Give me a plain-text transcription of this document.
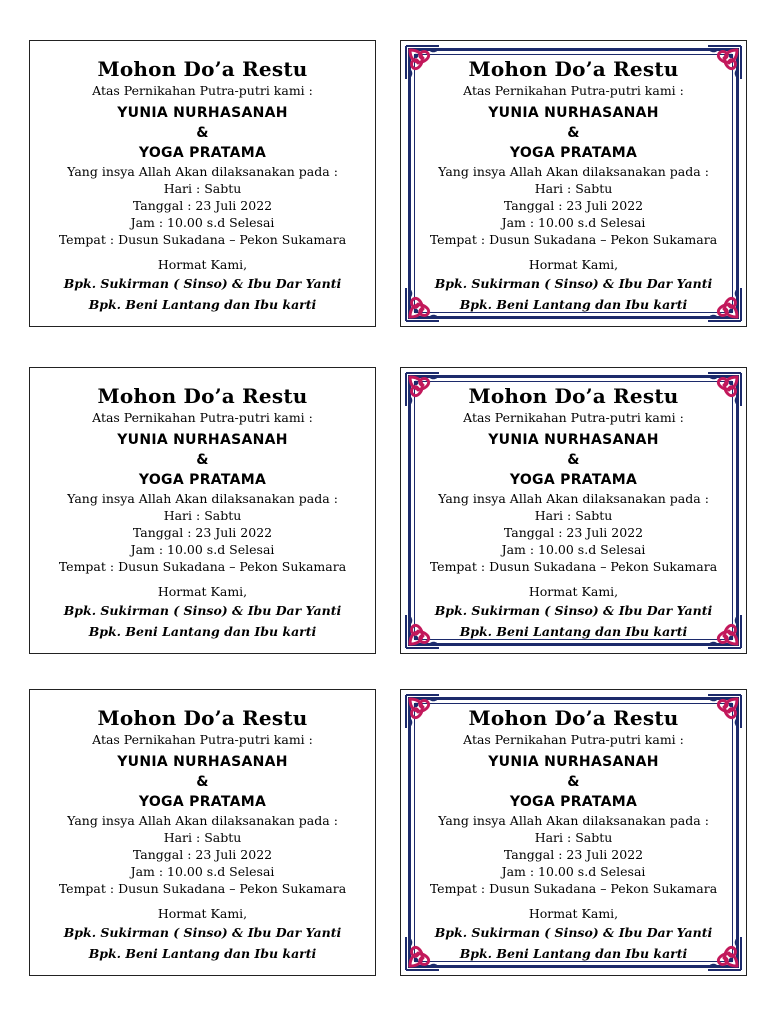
Mohon Do’a Restu
Atas Pernikahan Putra-putri kami :
YUNIA NURHASANAH
&
YOGA PRATAMA
Yang insya Allah Akan dilaksanakan pada :
Hari : Sabtu
Tanggal : 23 Juli 2022
Jam : 10.00 s.d Selesai
Tempat : Dusun Sukadana – Pekon Sukamara
Hormat Kami,
Bpk. Sukirman ( Sinso) & Ibu Dar Yanti
Bpk. Beni Lantang dan Ibu karti
Mohon Do’a Restu
Atas Pernikahan Putra-putri kami :
YUNIA NURHASANAH
&
YOGA PRATAMA
Yang insya Allah Akan dilaksanakan pada :
Hari : Sabtu
Tanggal : 23 Juli 2022
Jam : 10.00 s.d Selesai
Tempat : Dusun Sukadana – Pekon Sukamara
Hormat Kami,
Bpk. Sukirman ( Sinso) & Ibu Dar Yanti
Bpk. Beni Lantang dan Ibu karti
Mohon Do’a Restu
Atas Pernikahan Putra-putri kami :
YUNIA NURHASANAH
&
YOGA PRATAMA
Yang insya Allah Akan dilaksanakan pada :
Hari : Sabtu
Tanggal : 23 Juli 2022
Jam : 10.00 s.d Selesai
Tempat : Dusun Sukadana – Pekon Sukamara
Hormat Kami,
Bpk. Sukirman ( Sinso) & Ibu Dar Yanti
Bpk. Beni Lantang dan Ibu karti
Mohon Do’a Restu
Atas Pernikahan Putra-putri kami :
YUNIA NURHASANAH
&
YOGA PRATAMA
Yang insya Allah Akan dilaksanakan pada :
Hari : Sabtu
Tanggal : 23 Juli 2022
Jam : 10.00 s.d Selesai
Tempat : Dusun Sukadana – Pekon Sukamara
Hormat Kami,
Bpk. Sukirman ( Sinso) & Ibu Dar Yanti
Bpk. Beni Lantang dan Ibu karti
Mohon Do’a Restu
Atas Pernikahan Putra-putri kami :
YUNIA NURHASANAH
&
YOGA PRATAMA
Yang insya Allah Akan dilaksanakan pada :
Hari : Sabtu
Tanggal : 23 Juli 2022
Jam : 10.00 s.d Selesai
Tempat : Dusun Sukadana – Pekon Sukamara
Hormat Kami,
Bpk. Sukirman ( Sinso) & Ibu Dar Yanti
Bpk. Beni Lantang dan Ibu karti
Mohon Do’a Restu
Atas Pernikahan Putra-putri kami :
YUNIA NURHASANAH
&
YOGA PRATAMA
Yang insya Allah Akan dilaksanakan pada :
Hari : Sabtu
Tanggal : 23 Juli 2022
Jam : 10.00 s.d Selesai
Tempat : Dusun Sukadana – Pekon Sukamara
Hormat Kami,
Bpk. Sukirman ( Sinso) & Ibu Dar Yanti
Bpk. Beni Lantang dan Ibu karti
